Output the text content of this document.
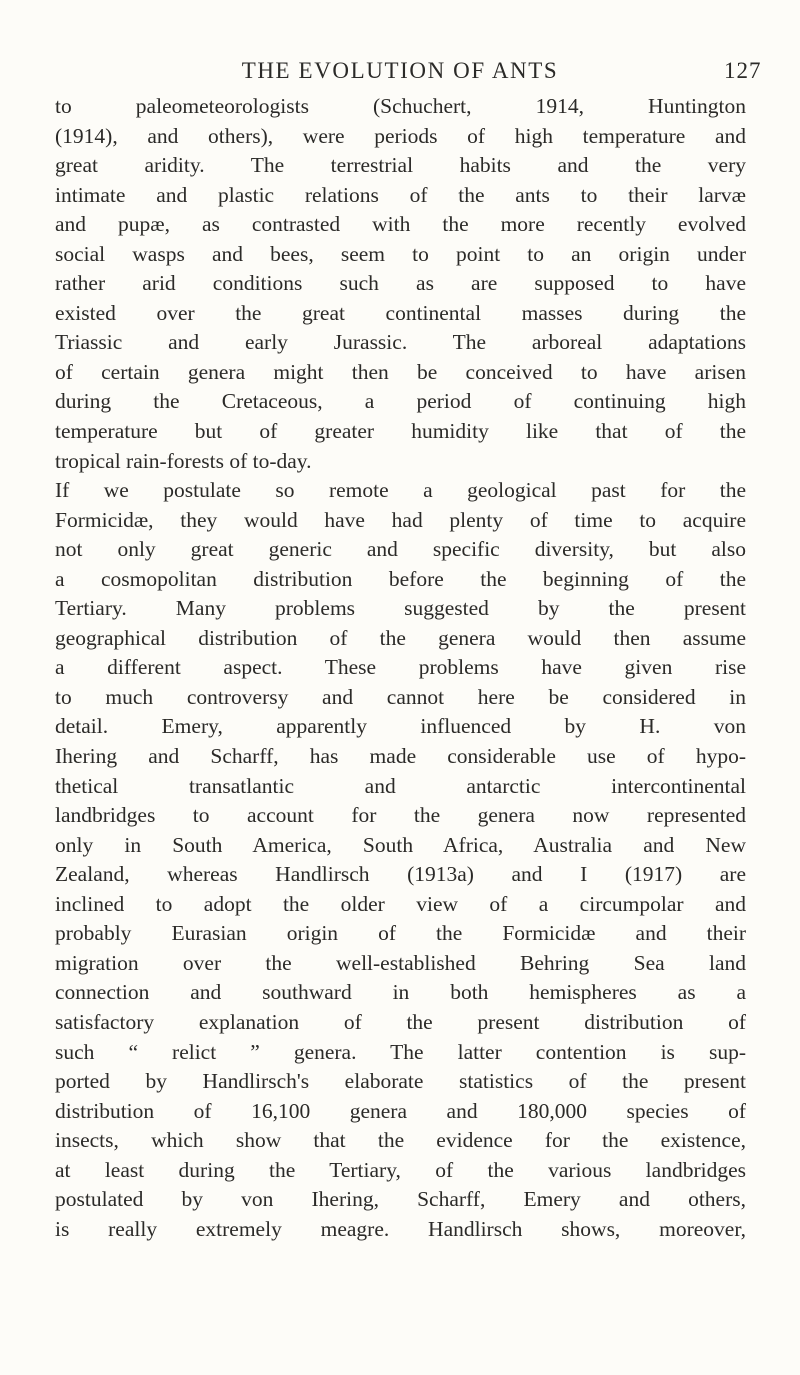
THE EVOLUTION OF ANTS	127
to paleometeorologists (Schuchert, 1914, Huntington
(1914), and others), were periods of high temperature and
great aridity. The terrestrial habits and the very
intimate and plastic relations of the ants to their larvæ
and pupæ, as contrasted with the more recently evolved
social wasps and bees, seem to point to an origin under
rather arid conditions such as are supposed to have
existed over the great continental masses during the
Triassic and early Jurassic. The arboreal adaptations
of certain genera might then be conceived to have arisen
during the Cretaceous, a period of continuing high
temperature but of greater humidity like that of the
tropical rain-forests of to-day.
If we postulate so remote a geological past for the
Formicidæ, they would have had plenty of time to acquire
not only great generic and specific diversity, but also
a cosmopolitan distribution before the beginning of the
Tertiary. Many problems suggested by the present
geographical distribution of the genera would then assume
a different aspect. These problems have given rise
to much controversy and cannot here be considered in
detail. Emery, apparently influenced by H. von
Ihering and Scharff, has made considerable use of hypo-
thetical transatlantic and antarctic intercontinental
landbridges to account for the genera now represented
only in South America, South Africa, Australia and New
Zealand, whereas Handlirsch (1913a) and I (1917) are
inclined to adopt the older view of a circumpolar and
probably Eurasian origin of the Formicidæ and their
migration over the well-established Behring Sea land
connection and southward in both hemispheres as a
satisfactory explanation of the present distribution of
such “ relict ” genera. The latter contention is sup-
ported by Handlirsch's elaborate statistics of the present
distribution of 16,100 genera and 180,000 species of
insects, which show that the evidence for the existence,
at least during the Tertiary, of the various landbridges
postulated by von Ihering, Scharff, Emery and others,
is really extremely meagre. Handlirsch shows, moreover,
